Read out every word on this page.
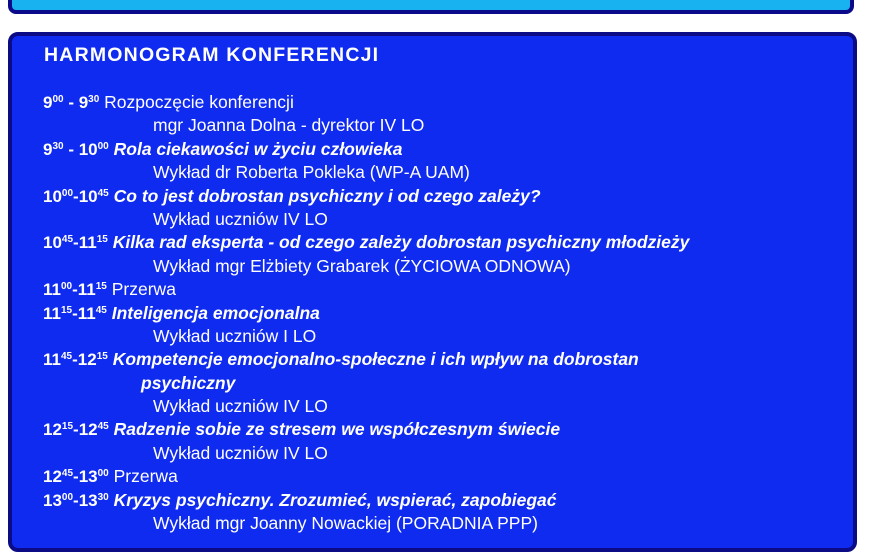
HARMONOGRAM KONFERENCJI
$9^{00} - 9^{30}$ Rozpoczęcie konferencji
mgr Joanna Dolna - dyrektor IV LO
$9^{30} - 10^{00}$ Rola ciekawości w życiu człowieka
Wykład dr Roberta Pokleka (WP-A UAM)
$10^{00}-10^{45}$ Co to jest dobrostan psychiczny i od czego zależy?
Wykład uczniów IV LO
$10^{45}-11^{15}$ Kilka rad eksperta - od czego zależy dobrostan psychiczny młodzieży
Wykład mgr Elżbiety Grabarek (ŻYCIOWA ODNOWA)
$11^{00}-11^{15}$ Przerwa
$11^{15}-11^{45}$ Inteligencja emocjonalna
Wykład uczniów I LO
$11^{45}-12^{15}$ Kompetencje emocjonalno-społeczne i ich wpływ na dobrostan
psychiczny
Wykład uczniów IV LO
$12^{15}-12^{45}$ Radzenie sobie ze stresem we współczesnym świecie
Wykład uczniów IV LO
$12^{45}-13^{00}$ Przerwa
$13^{00}-13^{30}$ Kryzys psychiczny. Zrozumieć, wspierać, zapobiegać
Wykład mgr Joanny Nowackiej (PORADNIA PPP)
